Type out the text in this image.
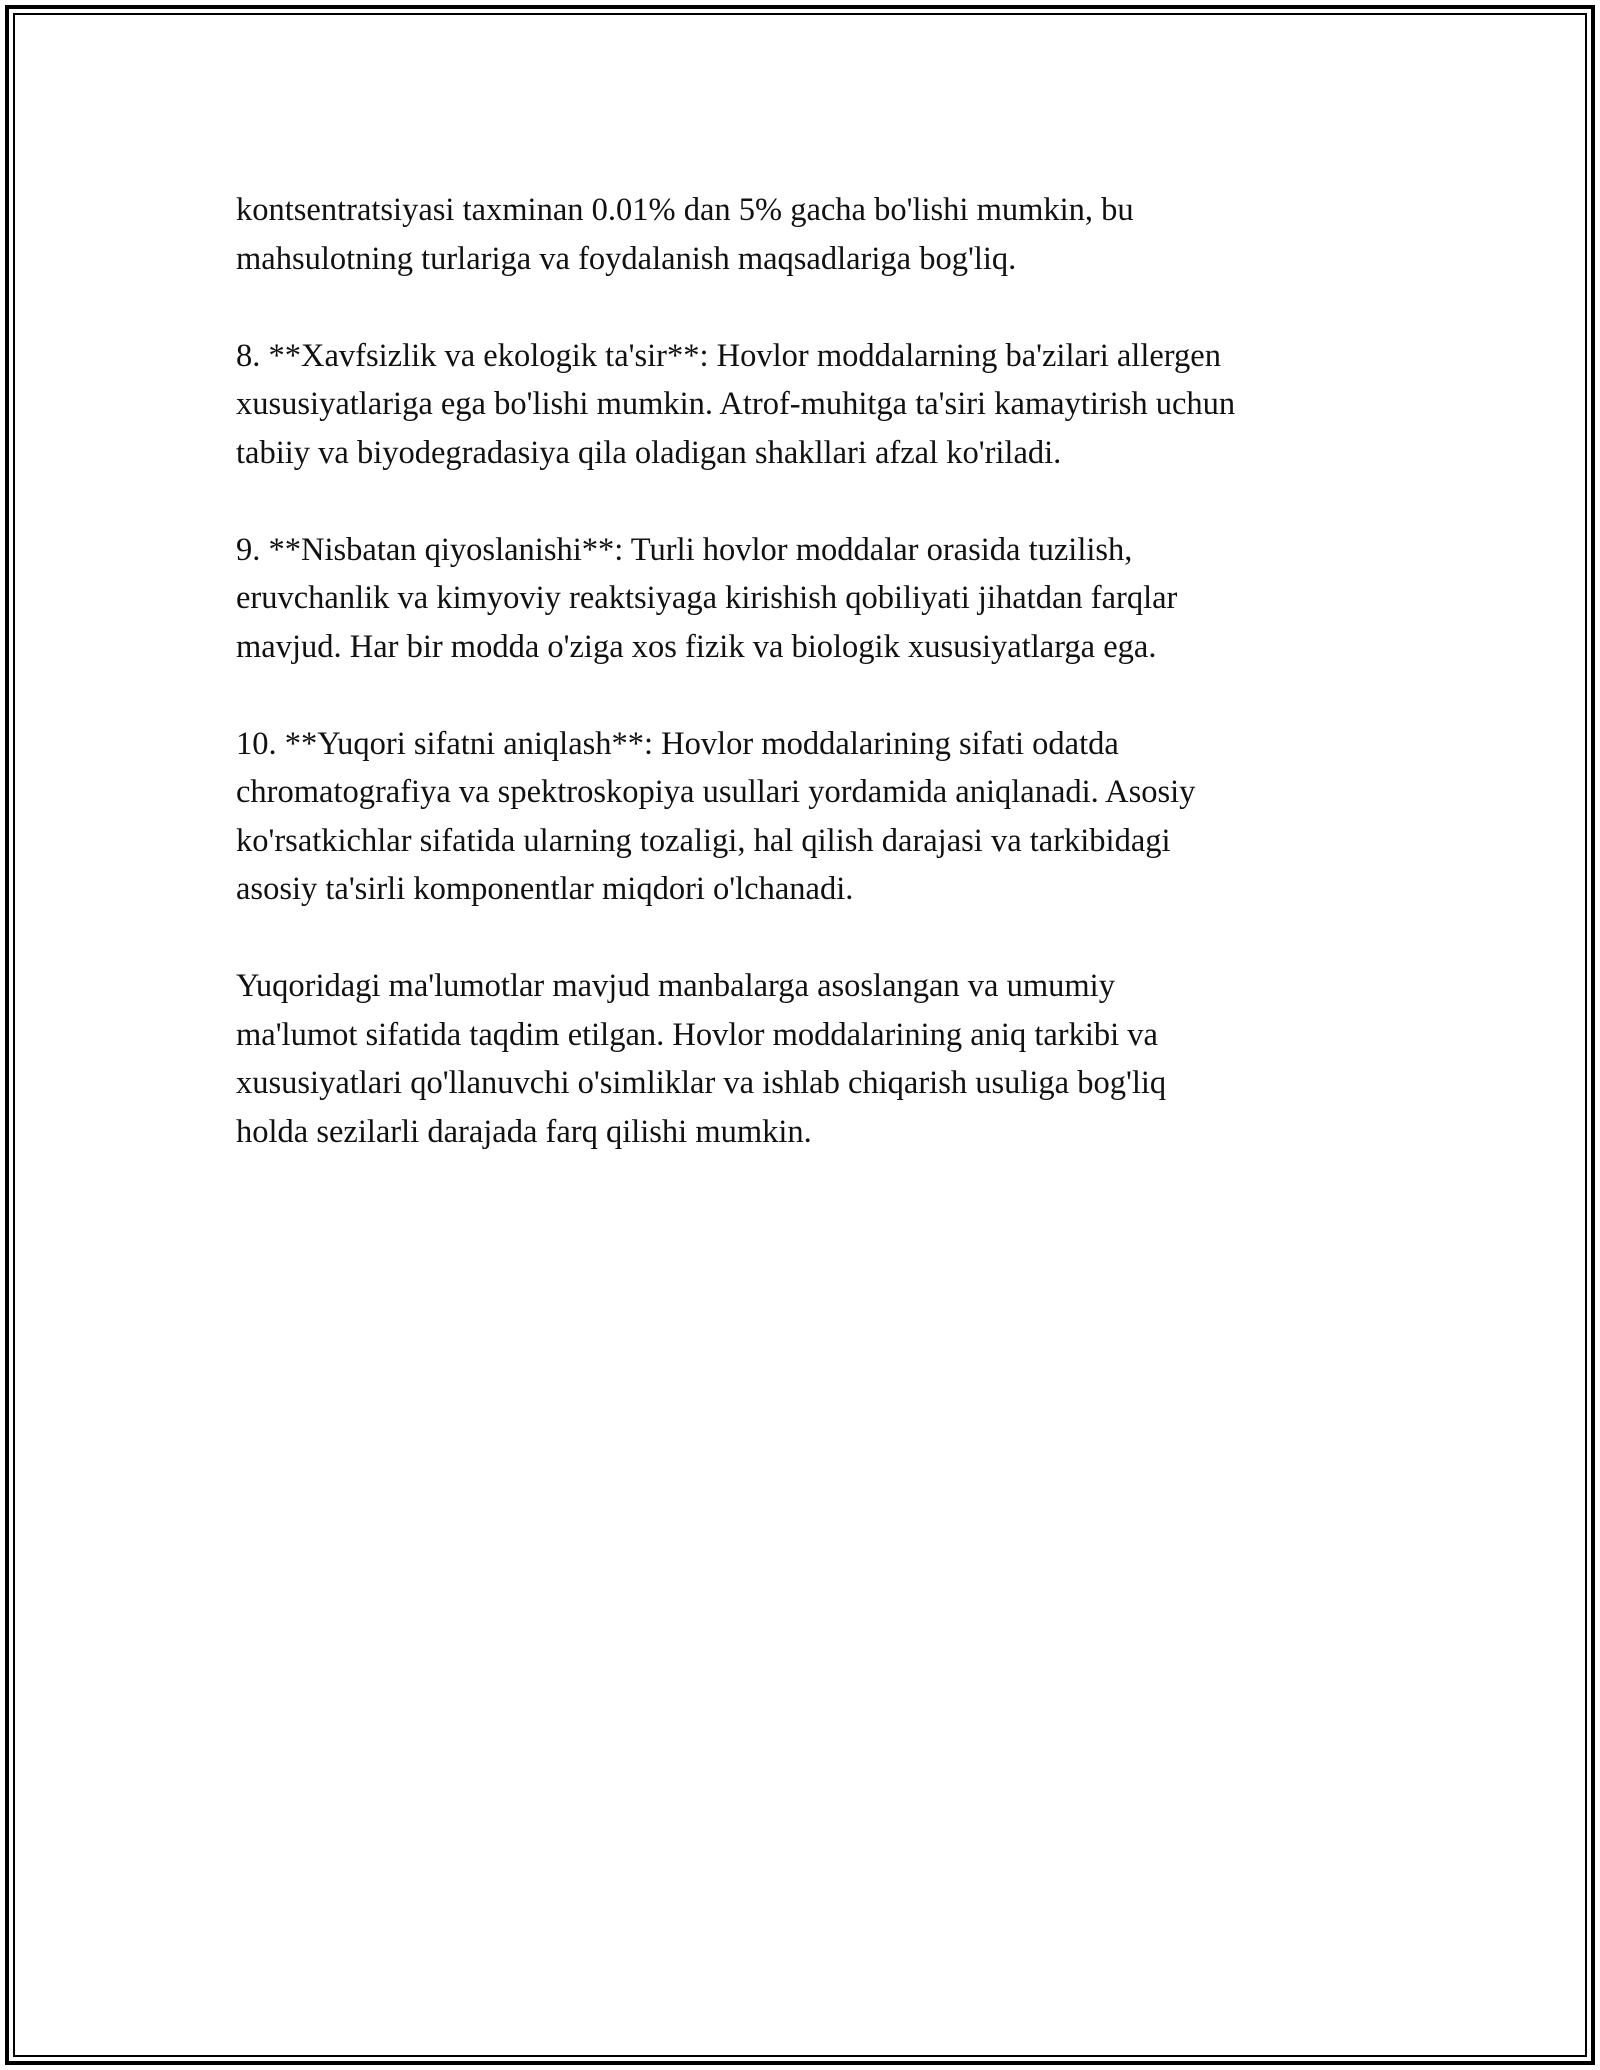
kontsentratsiyasi taxminan 0.01% dan 5% gacha bo'lishi mumkin, bu
mahsulotning turlariga va foydalanish maqsadlariga bog'liq.

8. **Xavfsizlik va ekologik ta'sir**: Hovlor moddalarning ba'zilari allergen
xususiyatlariga ega bo'lishi mumkin. Atrof-muhitga ta'siri kamaytirish uchun
tabiiy va biyodegradasiya qila oladigan shakllari afzal ko'riladi.

9. **Nisbatan qiyoslanishi**: Turli hovlor moddalar orasida tuzilish,
eruvchanlik va kimyoviy reaktsiyaga kirishish qobiliyati jihatdan farqlar
mavjud. Har bir modda o'ziga xos fizik va biologik xususiyatlarga ega.

10. **Yuqori sifatni aniqlash**: Hovlor moddalarining sifati odatda
chromatografiya va spektroskopiya usullari yordamida aniqlanadi. Asosiy
ko'rsatkichlar sifatida ularning tozaligi, hal qilish darajasi va tarkibidagi
asosiy ta'sirli komponentlar miqdori o'lchanadi.

Yuqoridagi ma'lumotlar mavjud manbalarga asoslangan va umumiy
ma'lumot sifatida taqdim etilgan. Hovlor moddalarining aniq tarkibi va
xususiyatlari qo'llanuvchi o'simliklar va ishlab chiqarish usuliga bog'liq
holda sezilarli darajada farq qilishi mumkin.
